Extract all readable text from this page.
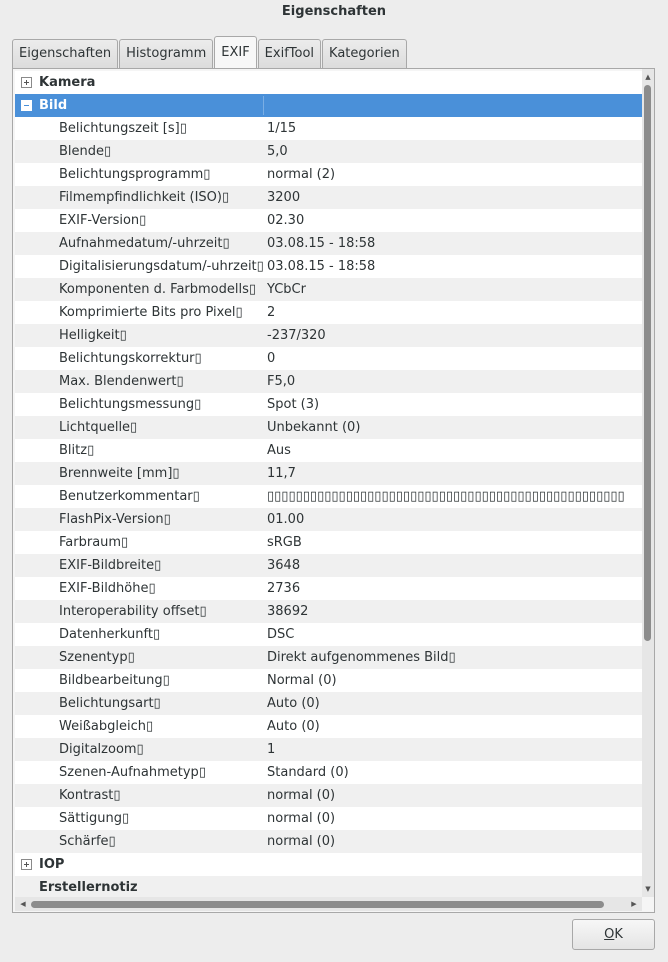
Eigenschaften
Eigenschaften	Histogramm	EXIF	ExifTool	Kategorien
Kamera
Bild
Belichtungszeit [s]▯	1/15
Blende▯	5,0
Belichtungsprogramm▯	normal (2)
Filmempfindlichkeit (ISO)▯	3200
EXIF-Version▯	02.30
Aufnahmedatum/-uhrzeit▯	03.08.15 - 18:58
Digitalisierungsdatum/-uhrzeit▯ 03.08.15 - 18:58
Komponenten d. Farbmodells▯ YCbCr
Komprimierte Bits pro Pixel▯ 2
Helligkeit▯	-237/320
Belichtungskorrektur▯	0
Max. Blendenwert▯	F5,0
Belichtungsmessung▯	Spot (3)
Lichtquelle▯	Unbekannt (0)
Blitz▯	Aus
Brennweite [mm]▯	11,7
Benutzerkommentar▯	▯▯▯▯▯▯▯▯▯▯▯▯▯▯▯▯▯▯▯▯▯▯▯▯▯▯▯▯▯▯▯▯▯▯▯▯▯▯▯▯▯▯▯▯▯▯▯▯▯▯
FlashPix-Version▯	01.00
Farbraum▯	sRGB
EXIF-Bildbreite▯	3648
EXIF-Bildhöhe▯	2736
Interoperability offset▯	38692
Datenherkunft▯	DSC
Szenentyp▯	Direkt aufgenommenes Bild▯
Bildbearbeitung▯	Normal (0)
Belichtungsart▯	Auto (0)
Weißabgleich▯	Auto (0)
Digitalzoom▯	1
Szenen-Aufnahmetyp▯	Standard (0)
Kontrast▯	normal (0)
Sättigung▯	normal (0)
Schärfe▯	normal (0)
IOP
Erstellernotiz
▲
▼
◀	▶
OK
